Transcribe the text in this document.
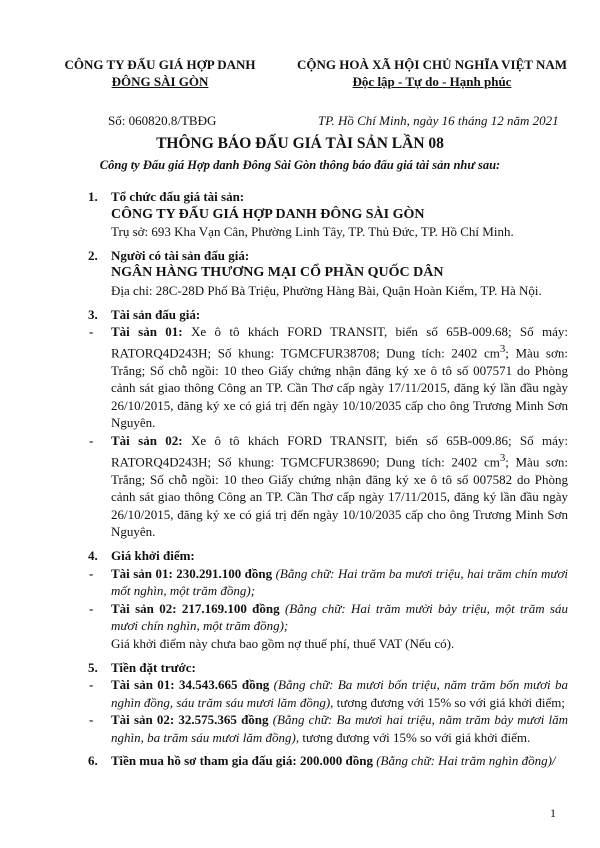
CÔNG TY ĐẤU GIÁ HỢP DANH
ĐÔNG SÀI GÒN
CỘNG HOÀ XÃ HỘI CHỦ NGHĨA VIỆT NAM
Độc lập - Tự do - Hạnh phúc
Số: 060820.8/TBĐG	TP. Hồ Chí Minh, ngày 16 tháng 12 năm 2021
THÔNG BÁO ĐẤU GIÁ TÀI SẢN LẦN 08
Công ty Đấu giá Hợp danh Đông Sài Gòn thông báo đấu giá tài sản như sau:
1. Tổ chức đấu giá tài sản:
CÔNG TY ĐẤU GIÁ HỢP DANH ĐÔNG SÀI GÒN
Trụ sở: 693 Kha Vạn Cân, Phường Linh Tây, TP. Thủ Đức, TP. Hồ Chí Minh.
2. Người có tài sản đấu giá:
NGÂN HÀNG THƯƠNG MẠI CỔ PHẦN QUỐC DÂN
Địa chỉ: 28C-28D Phố Bà Triệu, Phường Hàng Bài, Quận Hoàn Kiếm, TP. Hà Nội.
3. Tài sản đấu giá:
- Tài sản 01: Xe ô tô khách FORD TRANSIT, biển số 65B-009.68; Số máy: RATORQ4D243H; Số khung: TGMCFUR38708; Dung tích: 2402 $cm^3$; Màu sơn: Trắng; Số chỗ ngồi: 10 theo Giấy chứng nhận đăng ký xe ô tô số 007571 do Phòng cảnh sát giao thông Công an TP. Cần Thơ cấp ngày 17/11/2015, đăng ký lần đầu ngày 26/10/2015, đăng ký xe có giá trị đến ngày 10/10/2035 cấp cho ông Trương Minh Sơn Nguyên.
- Tài sản 02: Xe ô tô khách FORD TRANSIT, biển số 65B-009.86; Số máy: RATORQ4D243H; Số khung: TGMCFUR38690; Dung tích: 2402 $cm^3$; Màu sơn: Trắng; Số chỗ ngồi: 10 theo Giấy chứng nhận đăng ký xe ô tô số 007582 do Phòng cảnh sát giao thông Công an TP. Cần Thơ cấp ngày 17/11/2015, đăng ký lần đầu ngày 26/10/2015, đăng ký xe có giá trị đến ngày 10/10/2035 cấp cho ông Trương Minh Sơn Nguyên.
4. Giá khởi điểm:
- Tài sản 01: 230.291.100 đồng (Bằng chữ: Hai trăm ba mươi triệu, hai trăm chín mươi mốt nghìn, một trăm đồng);
- Tài sản 02: 217.169.100 đồng (Bằng chữ: Hai trăm mười bảy triệu, một trăm sáu mươi chín nghìn, một trăm đồng);
Giá khởi điểm này chưa bao gồm nợ thuế phí, thuế VAT (Nếu có).
5. Tiền đặt trước:
- Tài sản 01: 34.543.665 đồng (Bằng chữ: Ba mươi bốn triệu, năm trăm bốn mươi ba nghìn đồng, sáu trăm sáu mươi lăm đồng), tương đương với 15% so với giá khởi điểm;
- Tài sản 02: 32.575.365 đồng (Bằng chữ: Ba mươi hai triệu, năm trăm bảy mươi lăm nghìn, ba trăm sáu mươi lăm đồng), tương đương với 15% so với giá khởi điểm.
6. Tiền mua hồ sơ tham gia đấu giá: 200.000 đồng (Bằng chữ: Hai trăm nghìn đồng)/
1
